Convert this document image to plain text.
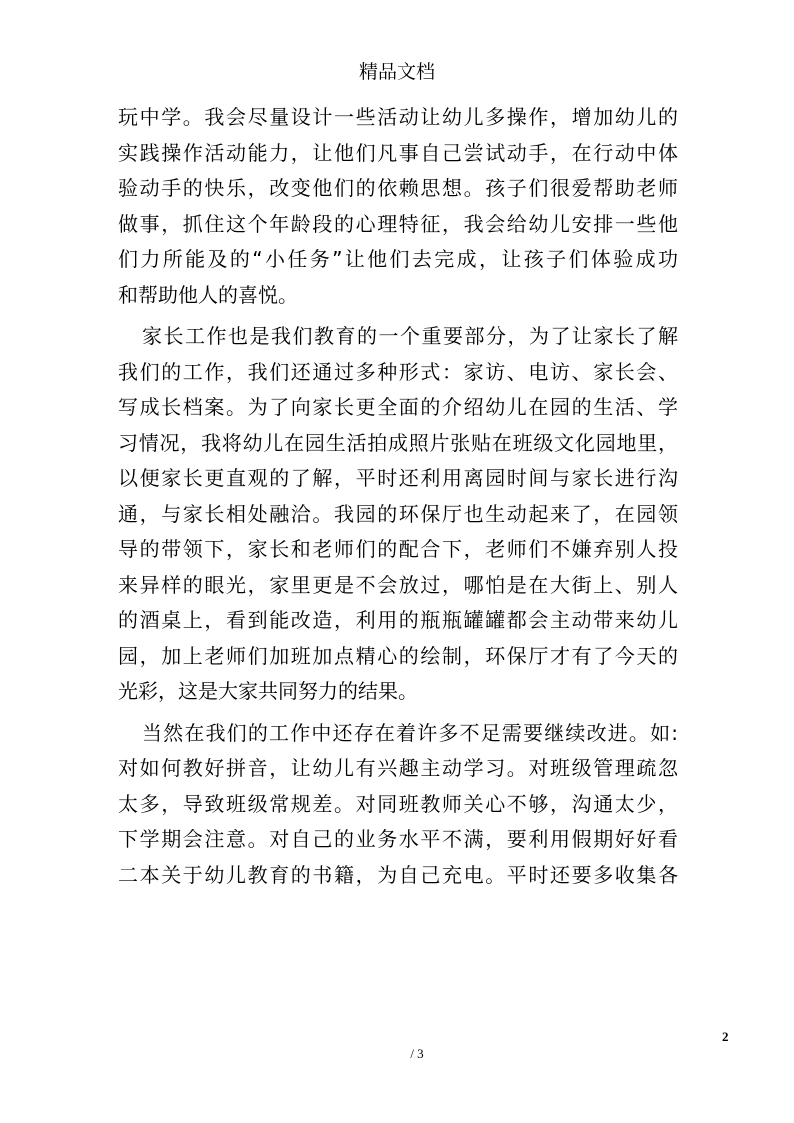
精品文档
玩中学。我会尽量设计一些活动让幼儿多操作，增加幼儿的
实践操作活动能力，让他们凡事自己尝试动手，在行动中体
验动手的快乐，改变他们的依赖思想。孩子们很爱帮助老师
做事，抓住这个年龄段的心理特征，我会给幼儿安排一些他
们力所能及的“小任务”让他们去完成，让孩子们体验成功
和帮助他人的喜悦。
家长工作也是我们教育的一个重要部分，为了让家长了解
我们的工作，我们还通过多种形式：家访、电访、家长会、
写成长档案。为了向家长更全面的介绍幼儿在园的生活、学
习情况，我将幼儿在园生活拍成照片张贴在班级文化园地里，
以便家长更直观的了解，平时还利用离园时间与家长进行沟
通，与家长相处融洽。我园的环保厅也生动起来了，在园领
导的带领下，家长和老师们的配合下，老师们不嫌弃别人投
来异样的眼光，家里更是不会放过，哪怕是在大街上、别人
的酒桌上，看到能改造，利用的瓶瓶罐罐都会主动带来幼儿
园，加上老师们加班加点精心的绘制，环保厅才有了今天的
光彩，这是大家共同努力的结果。
当然在我们的工作中还存在着许多不足需要继续改进。如:
对如何教好拼音，让幼儿有兴趣主动学习。对班级管理疏忽
太多，导致班级常规差。对同班教师关心不够，沟通太少，
下学期会注意。对自己的业务水平不满，要利用假期好好看
二本关于幼儿教育的书籍，为自己充电。平时还要多收集各
2
/ 3
